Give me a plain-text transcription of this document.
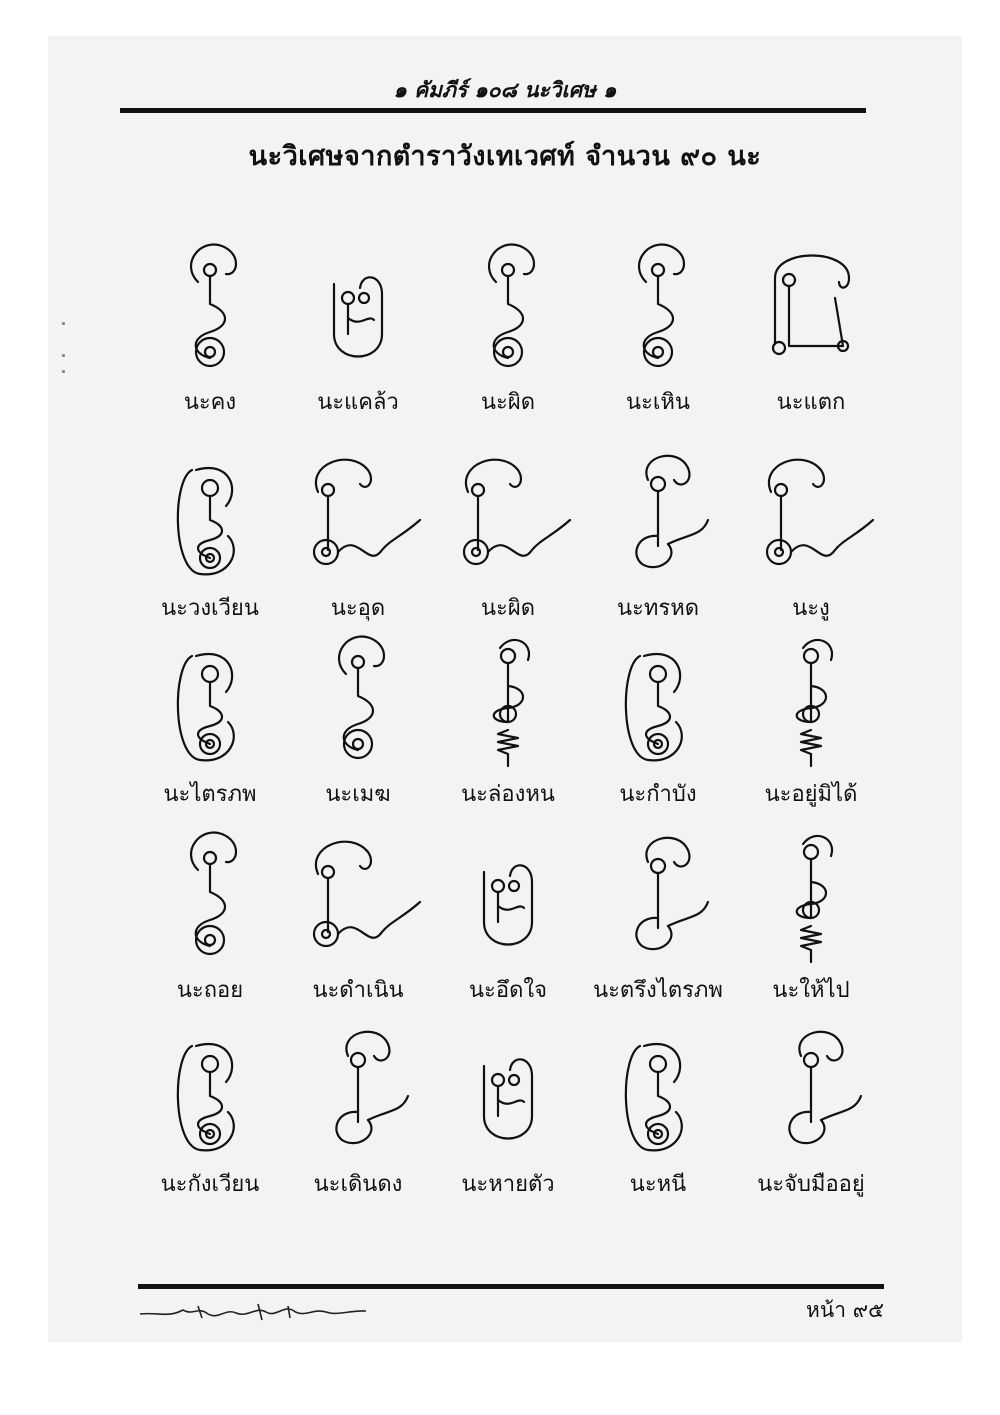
๑ คัมภีร์ ๑๐๘ นะวิเศษ ๑
นะวิเศษจากตำราวังเทเวศท์ จำนวน ๙๐ นะ
นะคง	นะแคล้ว	นะผิด	นะเหิน	นะแตก
นะวงเวียน	นะอุด	นะผิด	นะทรหด	นะงู
นะไตรภพ	นะเมฆ	นะล่องหน	นะกำบัง	นะอยู่มิได้
นะถอย	นะดำเนิน	นะอึดใจ	นะตรึงไตรภพ	นะให้ไป
นะกังเวียน	นะเดินดง	นะหายตัว	นะหนี	นะจับมืออยู่
หน้า ๙๕
